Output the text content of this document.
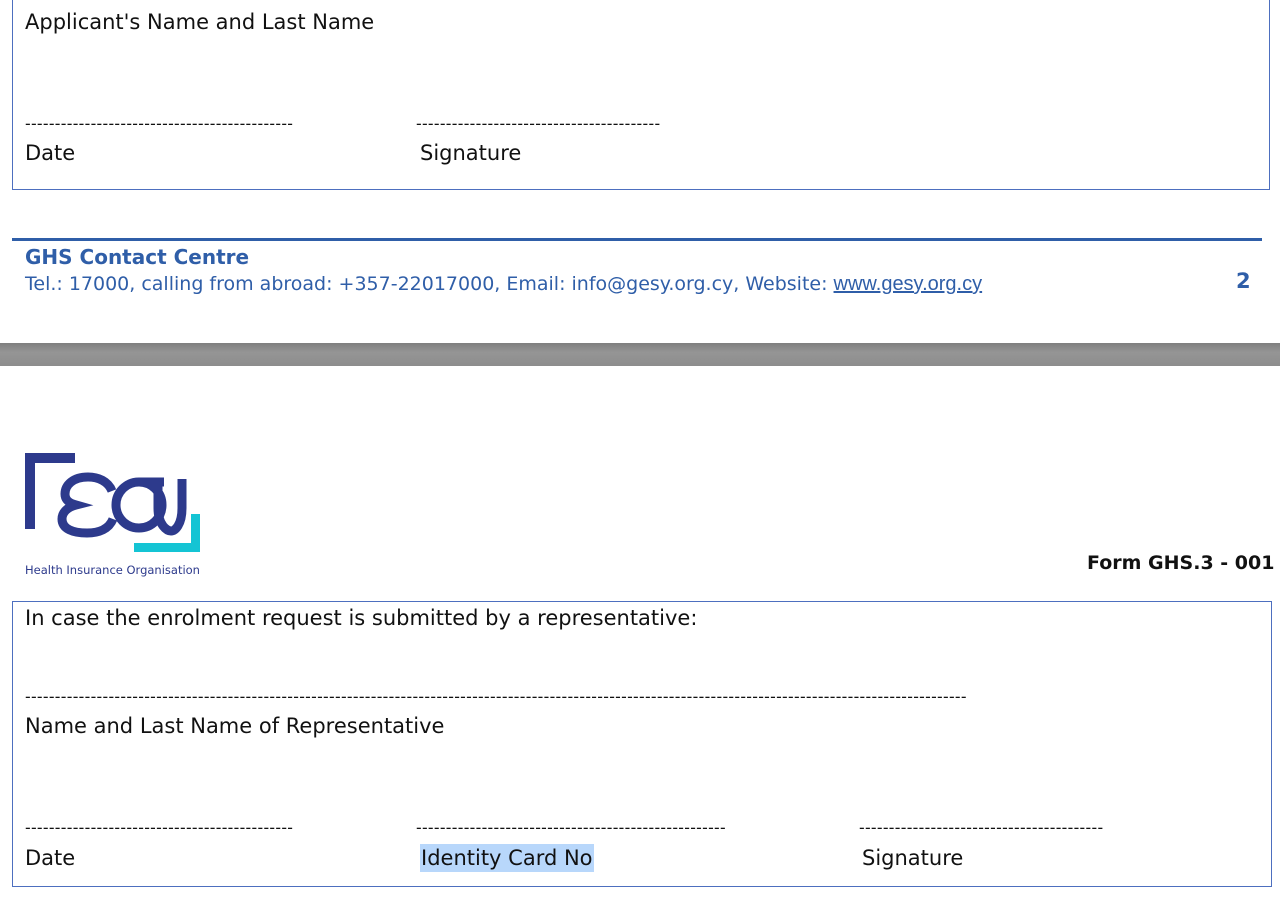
Applicant's Name and Last Name
---------------------------------------------	-----------------------------------------
Date	Signature
GHS Contact Centre
Tel.: 17000, calling from abroad: +357-22017000, Email: info@gesy.org.cy, Website: www.gesy.org.cy	2
Health Insurance Organisation	Form GHS.3 - 001
In case the enrolment request is submitted by a representative:
--------------------------------------------------------------------------------------------------------------------------------------------------------------
Name and Last Name of Representative
---------------------------------------------	----------------------------------------------------	-----------------------------------------
Date	Identity Card No	Signature
